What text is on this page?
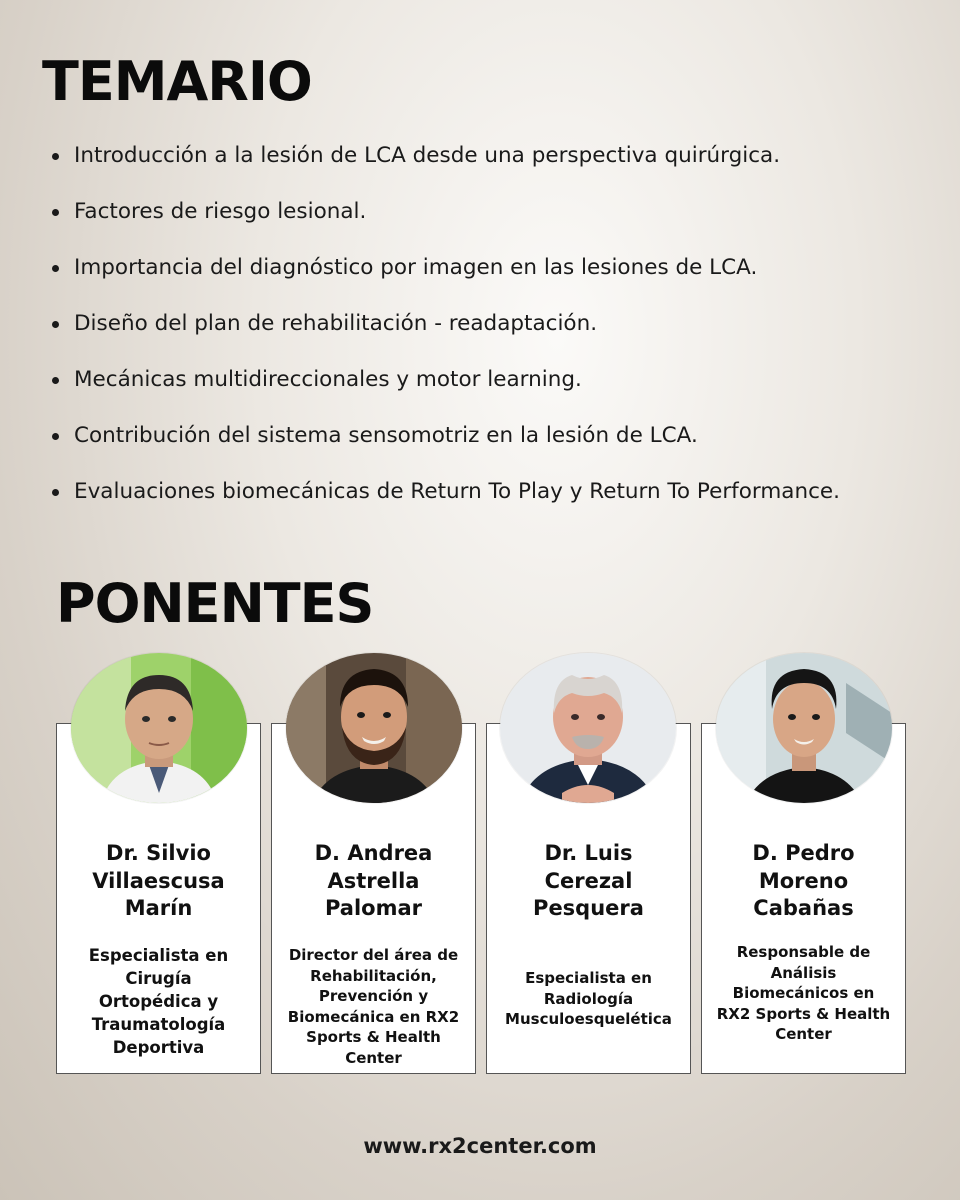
TEMARIO
Introducción a la lesión de LCA desde una perspectiva quirúrgica.
Factores de riesgo lesional.
Importancia del diagnóstico por imagen en las lesiones de LCA.
Diseño del plan de rehabilitación - readaptación.
Mecánicas multidireccionales y motor learning.
Contribución del sistema sensomotriz en la lesión de LCA.
Evaluaciones biomecánicas de Return To Play y Return To Performance.
PONENTES
Dr. Silvio
Villaescusa
Marín
Especialista en
Cirugía
Ortopédica y
Traumatología
Deportiva
D. Andrea
Astrella
Palomar
Director del área de
Rehabilitación,
Prevención y
Biomecánica en RX2
Sports & Health
Center
Dr. Luis
Cerezal
Pesquera
Especialista en
Radiología
Musculoesquelética
D. Pedro
Moreno
Cabañas
Responsable de
Análisis
Biomecánicos en
RX2 Sports & Health
Center
www.rx2center.com
